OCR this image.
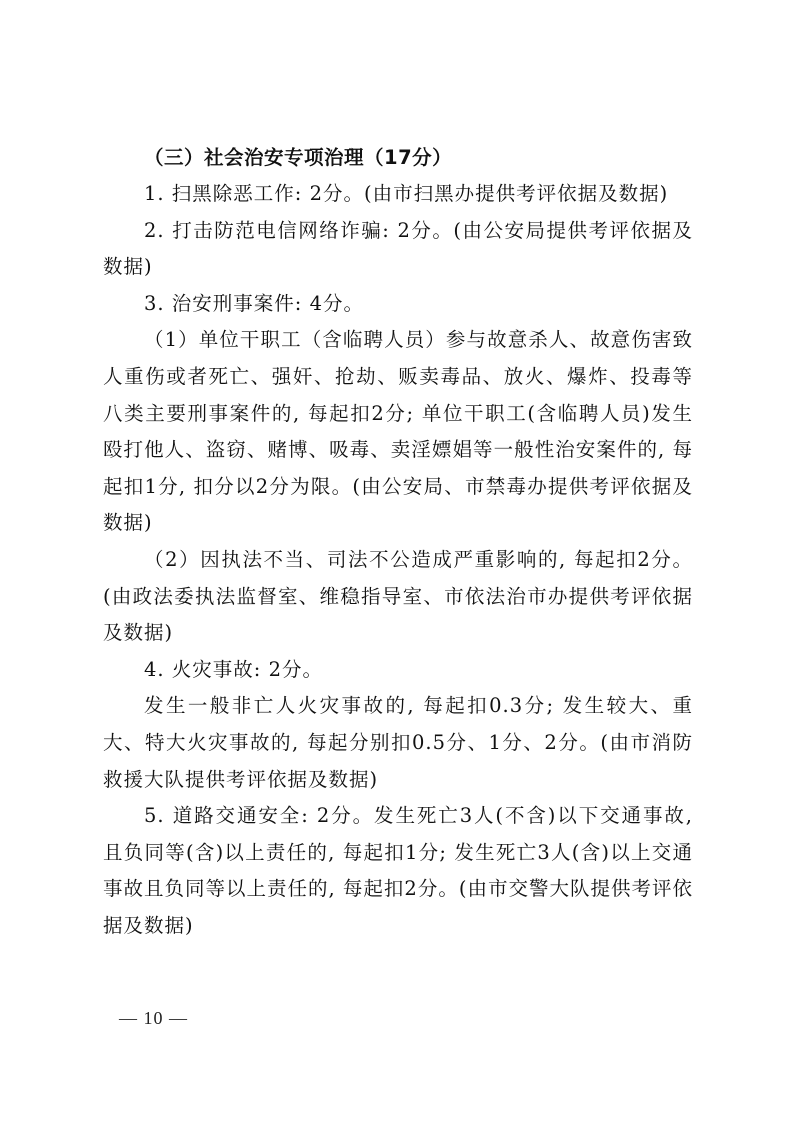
（三）社会治安专项治理（17分）

1. 扫黑除恶工作: 2分。(由市扫黑办提供考评依据及数据)

2. 打击防范电信网络诈骗: 2分。(由公安局提供考评依据及数据)

3. 治安刑事案件: 4分。

（1）单位干职工（含临聘人员）参与故意杀人、故意伤害致人重伤或者死亡、强奸、抢劫、贩卖毒品、放火、爆炸、投毒等八类主要刑事案件的, 每起扣2分; 单位干职工(含临聘人员)发生殴打他人、盗窃、赌博、吸毒、卖淫嫖娼等一般性治安案件的, 每起扣1分, 扣分以2分为限。(由公安局、市禁毒办提供考评依据及数据)

（2）因执法不当、司法不公造成严重影响的, 每起扣2分。(由政法委执法监督室、维稳指导室、市依法治市办提供考评依据及数据)

4. 火灾事故: 2分。

发生一般非亡人火灾事故的, 每起扣0.3分; 发生较大、重大、特大火灾事故的, 每起分别扣0.5分、1分、2分。(由市消防救援大队提供考评依据及数据)

5. 道路交通安全: 2分。发生死亡3人(不含)以下交通事故, 且负同等(含)以上责任的, 每起扣1分; 发生死亡3人(含)以上交通事故且负同等以上责任的, 每起扣2分。(由市交警大队提供考评依据及数据)

— 10 —
